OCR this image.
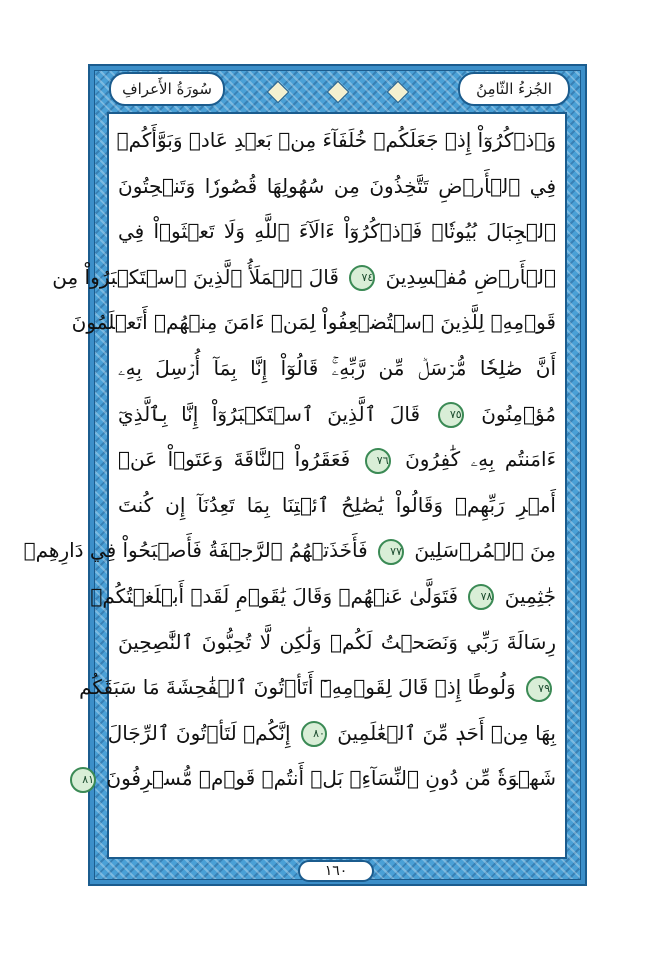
الجُزءُ الثّامِنُ
سُورَةُ الأَعرافِ
وَٱذۡكُرُوٓاْ إِذۡ جَعَلَكُمۡ خُلَفَآءَ مِنۢ بَعۡدِ عَادٖ وَبَوَّأَكُمۡ
فِي ٱلۡأَرۡضِ تَتَّخِذُونَ مِن سُهُولِهَا قُصُورٗا وَتَنۡحِتُونَ
ٱلۡجِبَالَ بُيُوتٗاۖ فَٱذۡكُرُوٓاْ ءَالَآءَ ٱللَّهِ وَلَا تَعۡثَوۡاْ فِي
ٱلۡأَرۡضِ مُفۡسِدِينَ ٧٤ قَالَ ٱلۡمَلَأُ ٱلَّذِينَ ٱسۡتَكۡبَرُواْ مِن
قَوۡمِهِۦ لِلَّذِينَ ٱسۡتُضۡعِفُواْ لِمَنۡ ءَامَنَ مِنۡهُمۡ أَتَعۡلَمُونَ
أَنَّ صَٰلِحٗا مُّرۡسَلٞ مِّن رَّبِّهِۦۚ قَالُوٓاْ إِنَّا بِمَآ أُرۡسِلَ بِهِۦ
مُؤۡمِنُونَ ٧٥ قَالَ ٱلَّذِينَ ٱسۡتَكۡبَرُوٓاْ إِنَّا بِٱلَّذِيٓ
ءَامَنتُم بِهِۦ كَٰفِرُونَ ٧٦ فَعَقَرُواْ ٱلنَّاقَةَ وَعَتَوۡاْ عَنۡ
أَمۡرِ رَبِّهِمۡ وَقَالُواْ يَٰصَٰلِحُ ٱئۡتِنَا بِمَا تَعِدُنَآ إِن كُنتَ
مِنَ ٱلۡمُرۡسَلِينَ ٧٧ فَأَخَذَتۡهُمُ ٱلرَّجۡفَةُ فَأَصۡبَحُواْ فِي دَارِهِمۡ
جَٰثِمِينَ ٧٨ فَتَوَلَّىٰ عَنۡهُمۡ وَقَالَ يَٰقَوۡمِ لَقَدۡ أَبۡلَغۡتُكُمۡ
رِسَالَةَ رَبِّي وَنَصَحۡتُ لَكُمۡ وَلَٰكِن لَّا تُحِبُّونَ ٱلنَّٰصِحِينَ
٧٩ وَلُوطًا إِذۡ قَالَ لِقَوۡمِهِۦٓ أَتَأۡتُونَ ٱلۡفَٰحِشَةَ مَا سَبَقَكُم
بِهَا مِنۡ أَحَدٖ مِّنَ ٱلۡعَٰلَمِينَ ٨٠ إِنَّكُمۡ لَتَأۡتُونَ ٱلرِّجَالَ
شَهۡوَةٗ مِّن دُونِ ٱلنِّسَآءِۚ بَلۡ أَنتُمۡ قَوۡمٞ مُّسۡرِفُونَ ٨١
١٦٠
